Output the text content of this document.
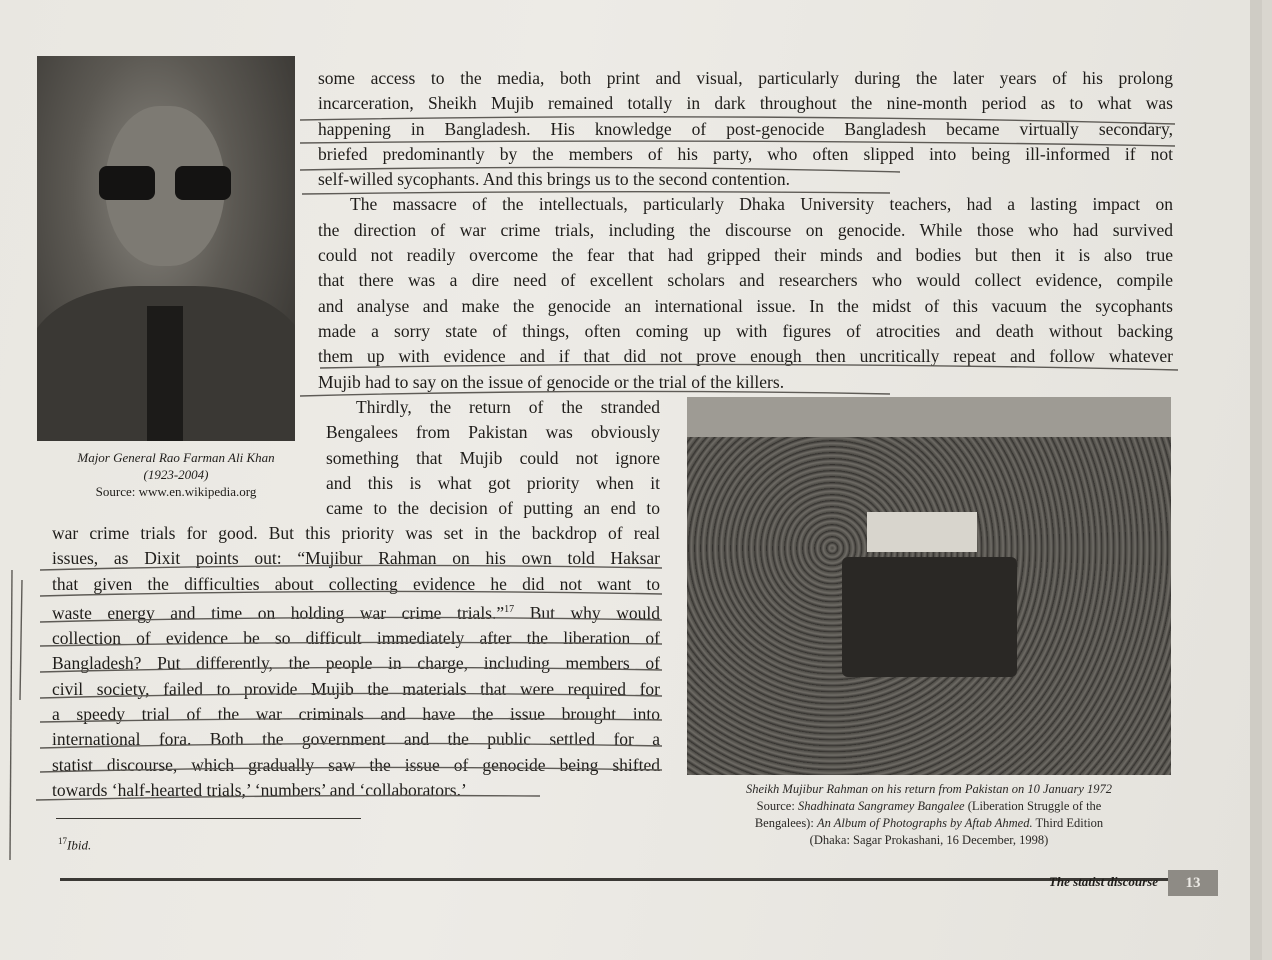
Major General Rao Farman Ali Khan
(1923-2004)
Source: www.en.wikipedia.org
some access to the media, both print and visual, particularly during the later years of his prolong
incarceration, Sheikh Mujib remained totally in dark throughout the nine-month period as to what was
happening in Bangladesh. His knowledge of post-genocide Bangladesh became virtually secondary,
briefed predominantly by the members of his party, who often slipped into being ill-informed if not
self-willed sycophants. And this brings us to the second contention.
The massacre of the intellectuals, particularly Dhaka University teachers, had a lasting impact on
the direction of war crime trials, including the discourse on genocide. While those who had survived
could not readily overcome the fear that had gripped their minds and bodies but then it is also true
that there was a dire need of excellent scholars and researchers who would collect evidence, compile
and analyse and make the genocide an international issue. In the midst of this vacuum the sycophants
made a sorry state of things, often coming up with figures of atrocities and death without backing
them up with evidence and if that did not prove enough then uncritically repeat and follow whatever
Mujib had to say on the issue of genocide or the trial of the killers.
Thirdly, the return of the stranded
Bengalees from Pakistan was obviously
something that Mujib could not ignore
and this is what got priority when it
came to the decision of putting an end to
war crime trials for good. But this priority was set in the backdrop of real
issues, as Dixit points out: “Mujibur Rahman on his own told Haksar
that given the difficulties about collecting evidence he did not want to
waste energy and time on holding war crime trials.”$^{17}$ But why would
collection of evidence be so difficult immediately after the liberation of
Bangladesh? Put differently, the people in charge, including members of
civil society, failed to provide Mujib the materials that were required for
a speedy trial of the war criminals and have the issue brought into
international fora. Both the government and the public settled for a
statist discourse, which gradually saw the issue of genocide being shifted
towards ‘half-hearted trials,’ ‘numbers’ and ‘collaborators.’	Sheikh Mujibur Rahman on his return from Pakistan on 10 January 1972
Source: Shadhinata Sangramey Bangalee (Liberation Struggle of the
Bengalees): An Album of Photographs by Aftab Ahmed. Third Edition
(Dhaka: Sagar Prokashani, 16 December, 1998)
$^{17}$Ibid.
The statist discourse	13
